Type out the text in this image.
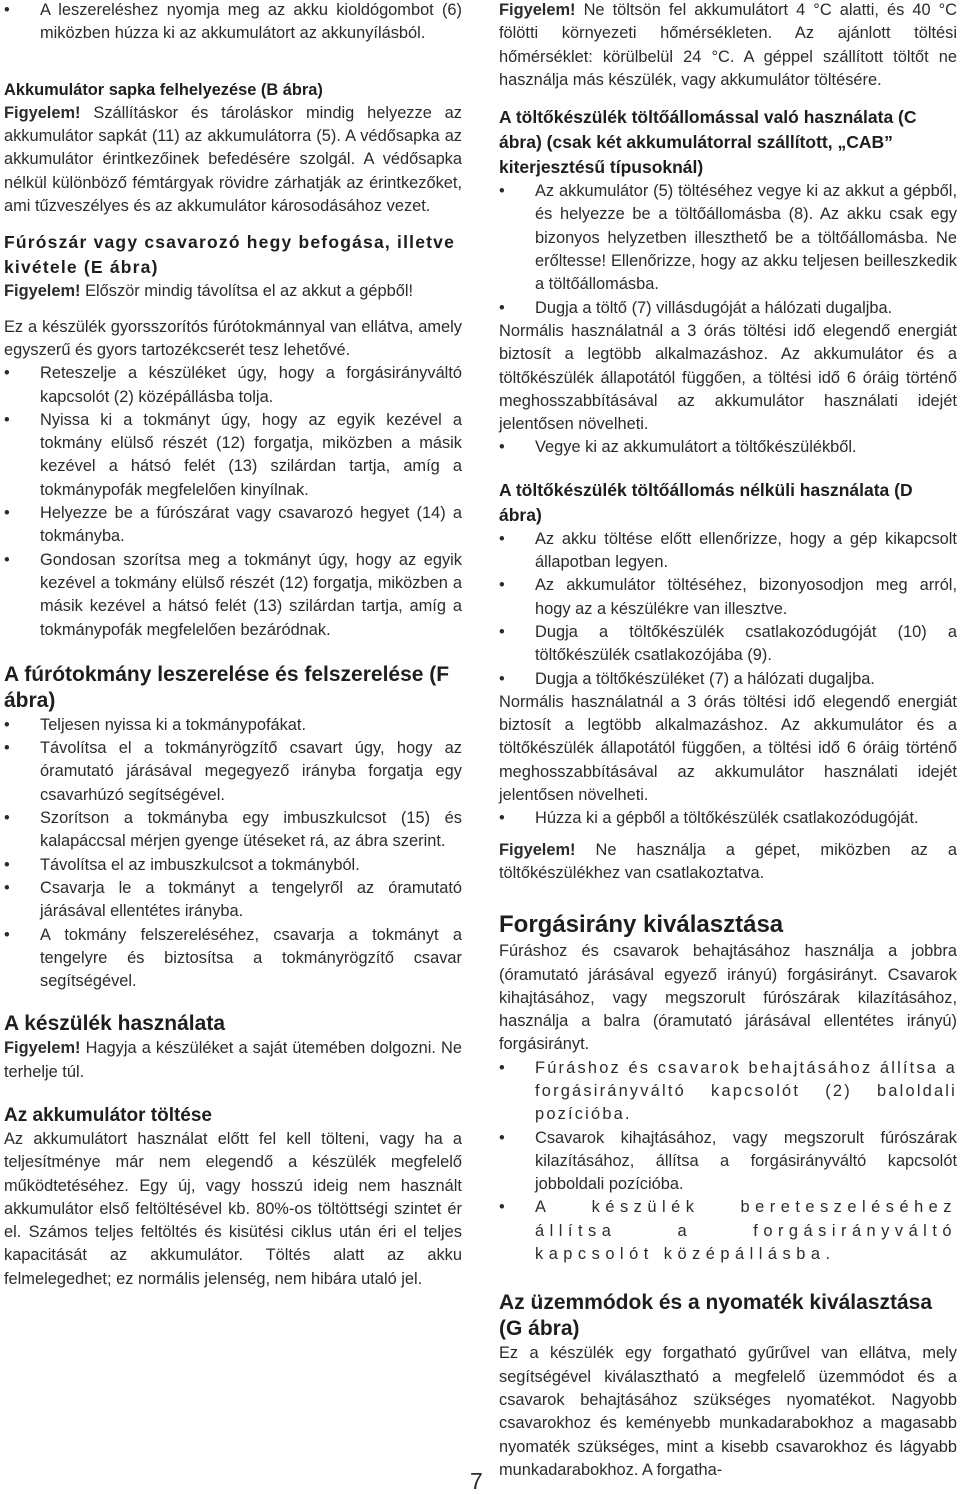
• A leszereléshez nyomja meg az akku kioldógombot (6) miközben húzza ki az akkumulátort az akkunyílásból.

Akkumulátor sapka felhelyezése (B ábra)

Figyelem! Szállításkor és tároláskor mindig helyezze az akkumulátor sapkát (11) az akkumulátorra (5). A védősapka az akkumulátor érintkezőinek befedésére szolgál. A védősapka nélkül különböző fémtárgyak rövidre zárhatják az érintkezőket, ami tűzveszélyes és az akkumulátor károsodásához vezet.

Fúrószár vagy csavarozó hegy befogása, illetve kivétele (E ábra)

Figyelem! Először mindig távolítsa el az akkut a gépből!

Ez a készülék gyorsszorítós fúrótokmánnyal van ellátva, amely egyszerű és gyors tartozékcserét tesz lehetővé.

• Reteszelje a készüléket úgy, hogy a forgásirányváltó kapcsolót (2) középállásba tolja.

• Nyissa ki a tokmányt úgy, hogy az egyik kezével a tokmány elülső részét (12) forgatja, miközben a másik kezével a hátsó felét (13) szilárdan tartja, amíg a tokmánypofák megfelelően kinyílnak.

• Helyezze be a fúrószárat vagy csavarozó hegyet (14) a tokmányba.

• Gondosan szorítsa meg a tokmányt úgy, hogy az egyik kezével a tokmány elülső részét (12) forgatja, miközben a másik kezével a hátsó felét (13) szilárdan tartja, amíg a tokmánypofák megfelelően bezáródnak.

A fúrótokmány leszerelése és felszerelése (F ábra)

• Teljesen nyissa ki a tokmánypofákat.

• Távolítsa el a tokmányrögzítő csavart úgy, hogy az óramutató járásával megegyező irányba forgatja egy csavarhúzó segítségével.

• Szorítson a tokmányba egy imbuszkulcsot (15) és kalapáccsal mérjen gyenge ütéseket rá, az ábra szerint.

• Távolítsa el az imbuszkulcsot a tokmányból.

• Csavarja le a tokmányt a tengelyről az óramutató járásával ellentétes irányba.

• A tokmány felszereléséhez, csavarja a tokmányt a tengelyre és biztosítsa a tokmányrögzítő csavar segítségével.

A készülék használata

Figyelem! Hagyja a készüléket a saját ütemében dolgozni. Ne terhelje túl.

Az akkumulátor töltése

Az akkumulátort használat előtt fel kell tölteni, vagy ha a teljesítménye már nem elegendő a készülék megfelelő működtetéséhez. Egy új, vagy hosszú ideig nem használt akkumulátor első feltöltésével kb. 80%-os töltöttségi szintet ér el. Számos teljes feltöltés és kisütési ciklus után éri el teljes kapacitását az akkumulátor. Töltés alatt az akku felmelegedhet; ez normális jelenség, nem hibára utaló jel.

Figyelem! Ne töltsön fel akkumulátort 4 °C alatti, és 40 °C fölötti környezeti hőmérsékleten. Az ajánlott töltési hőmérséklet: körülbelül 24 °C. A géppel szállított töltőt ne használja más készülék, vagy akkumulátor töltésére.

A töltőkészülék töltőállomással való használata (C ábra) (csak két akkumulátorral szállított, „CAB” kiterjesztésű típusoknál)

• Az akkumulátor (5) töltéséhez vegye ki az akkut a gépből, és helyezze be a töltőállomásba (8). Az akku csak egy bizonyos helyzetben illeszthető be a töltőállomásba. Ne erőltesse! Ellenőrizze, hogy az akku teljesen beilleszkedik a töltőállomásba.

• Dugja a töltő (7) villásdugóját a hálózati dugaljba.

Normális használatnál a 3 órás töltési idő elegendő energiát biztosít a legtöbb alkalmazáshoz. Az akkumulátor és a töltőkészülék állapotától függően, a töltési idő 6 óráig történő meghosszabbításával az akkumulátor használati idejét jelentősen növelheti.

• Vegye ki az akkumulátort a töltőkészülékből.

A töltőkészülék töltőállomás nélküli használata (D ábra)

• Az akku töltése előtt ellenőrizze, hogy a gép kikapcsolt állapotban legyen.

• Az akkumulátor töltéséhez, bizonyosodjon meg arról, hogy az a készülékre van illesztve.

• Dugja a töltőkészülék csatlakozódugóját (10) a töltőkészülék csatlakozójába (9).

• Dugja a töltőkészüléket (7) a hálózati dugaljba.

Normális használatnál a 3 órás töltési idő elegendő energiát biztosít a legtöbb alkalmazáshoz. Az akkumulátor és a töltőkészülék állapotától függően, a töltési idő 6 óráig történő meghosszabbításával az akkumulátor használati idejét jelentősen növelheti.

• Húzza ki a gépből a töltőkészülék csatlakozódugóját.

Figyelem! Ne használja a gépet, miközben az a töltőkészülékhez van csatlakoztatva.

Forgásirány kiválasztása

Fúráshoz és csavarok behajtásához használja a jobbra (óramutató járásával egyező irányú) forgásirányt. Csavarok kihajtásához, vagy megszorult fúrószárak kilazításához, használja a balra (óramutató járásával ellentétes irányú) forgásirányt.

• Fúráshoz és csavarok behajtásához állítsa a forgásirányváltó kapcsolót (2) baloldali pozícióba.

• Csavarok kihajtásához, vagy megszorult fúrószárak kilazításához, állítsa a forgásirányváltó kapcsolót jobboldali pozícióba.

• A készülék bereteszeléséhez állítsa a forgásirányváltó kapcsolót középállásba.

Az üzemmódok és a nyomaték kiválasztása (G ábra)

Ez a készülék egy forgatható gyűrűvel van ellátva, mely segítségével kiválasztható a megfelelő üzemmódot és a csavarok behajtásához szükséges nyomatékot. Nagyobb csavarokhoz és keményebb munkadarabokhoz a magasabb nyomaték szükséges, mint a kisebb csavarokhoz és lágyabb munkadarabokhoz. A forgatha-

7
